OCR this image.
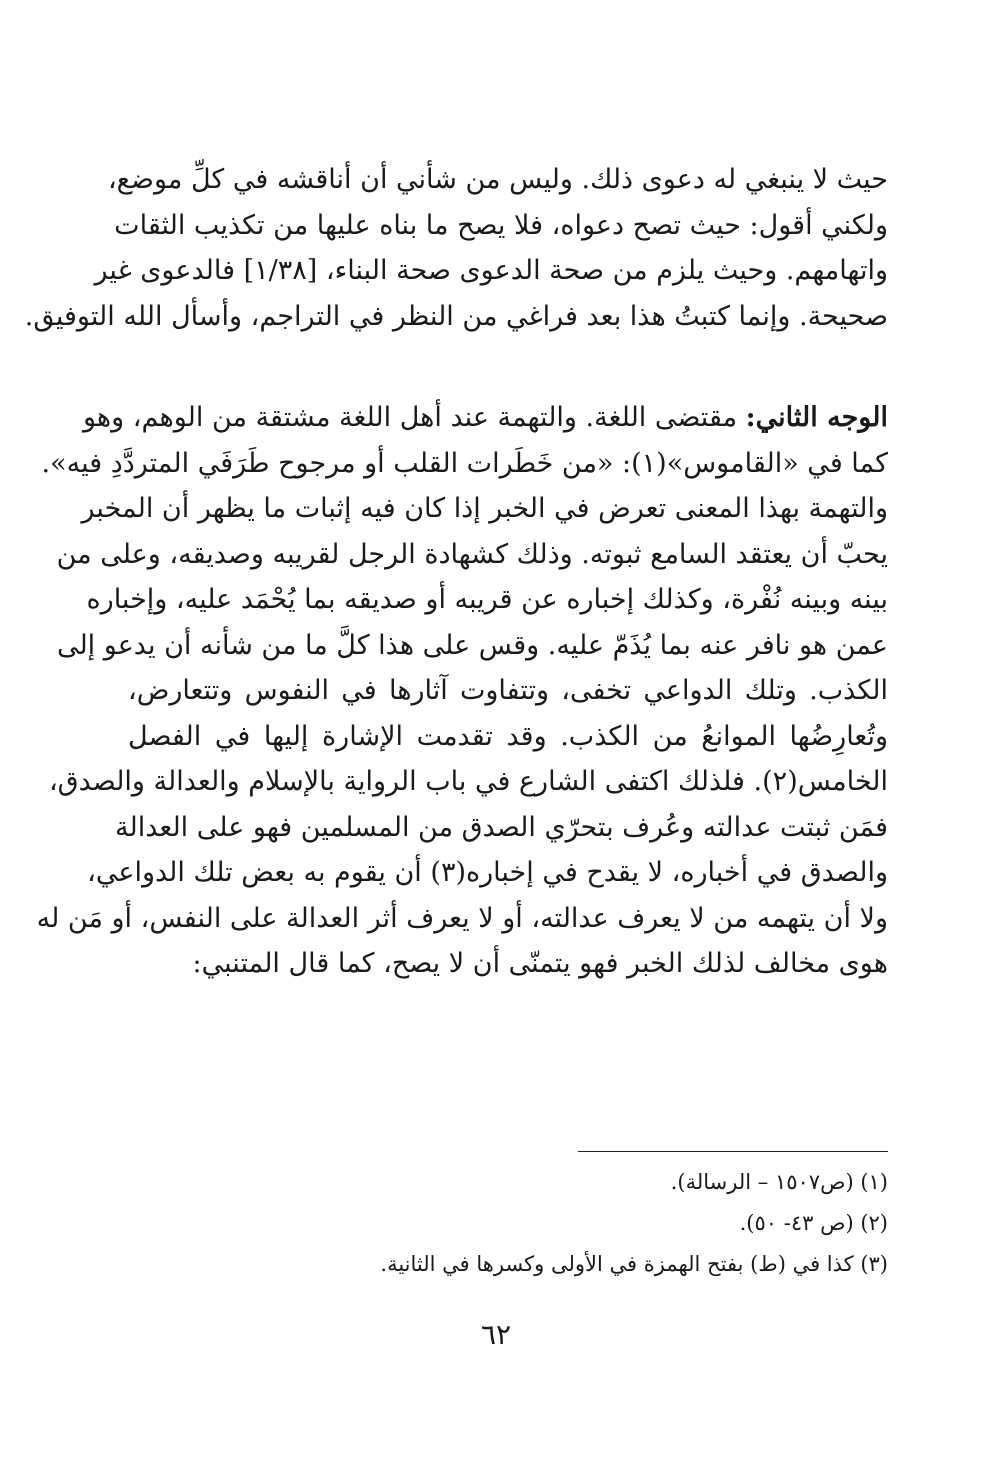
حيث لا ينبغي له دعوى ذلك. وليس من شأني أن أناقشه في كلِّ موضع،
ولكني أقول: حيث تصح دعواه، فلا يصح ما بناه عليها من تكذيب الثقات
واتهامهم. وحيث يلزم من صحة الدعوى صحة البناء، [١/٣٨] فالدعوى غير
صحيحة. وإنما كتبتُ هذا بعد فراغي من النظر في التراجم، وأسأل الله التوفيق.
الوجه الثاني: مقتضى اللغة. والتهمة عند أهل اللغة مشتقة من الوهم، وهو
كما في «القاموس»(١): «من خَطَرات القلب أو مرجوح طَرَفَي المتردَّدِ فيه».
والتهمة بهذا المعنى تعرض في الخبر إذا كان فيه إثبات ما يظهر أن المخبر
يحبّ أن يعتقد السامع ثبوته. وذلك كشهادة الرجل لقريبه وصديقه، وعلى من
بينه وبينه نُفْرة، وكذلك إخباره عن قريبه أو صديقه بما يُحْمَد عليه، وإخباره
عمن هو نافر عنه بما يُذَمّ عليه. وقس على هذا كلَّ ما من شأنه أن يدعو إلى
الكذب. وتلك الدواعي تخفى، وتتفاوت آثارها في النفوس وتتعارض،
وتُعارِضُها الموانعُ من الكذب. وقد تقدمت الإشارة إليها في الفصل
الخامس(٢). فلذلك اكتفى الشارع في باب الرواية بالإسلام والعدالة والصدق،
فمَن ثبتت عدالته وعُرف بتحرّي الصدق من المسلمين فهو على العدالة
والصدق في أخباره، لا يقدح في إخباره(٣) أن يقوم به بعض تلك الدواعي،
ولا أن يتهمه من لا يعرف عدالته، أو لا يعرف أثر العدالة على النفس، أو مَن له
هوى مخالف لذلك الخبر فهو يتمنّى أن لا يصح، كما قال المتنبي:
(١) (ص١٥٠٧ – الرسالة).
(٢) (ص ٤٣- ٥٠).
(٣) كذا في (ط) بفتح الهمزة في الأولى وكسرها في الثانية.
٦٢
